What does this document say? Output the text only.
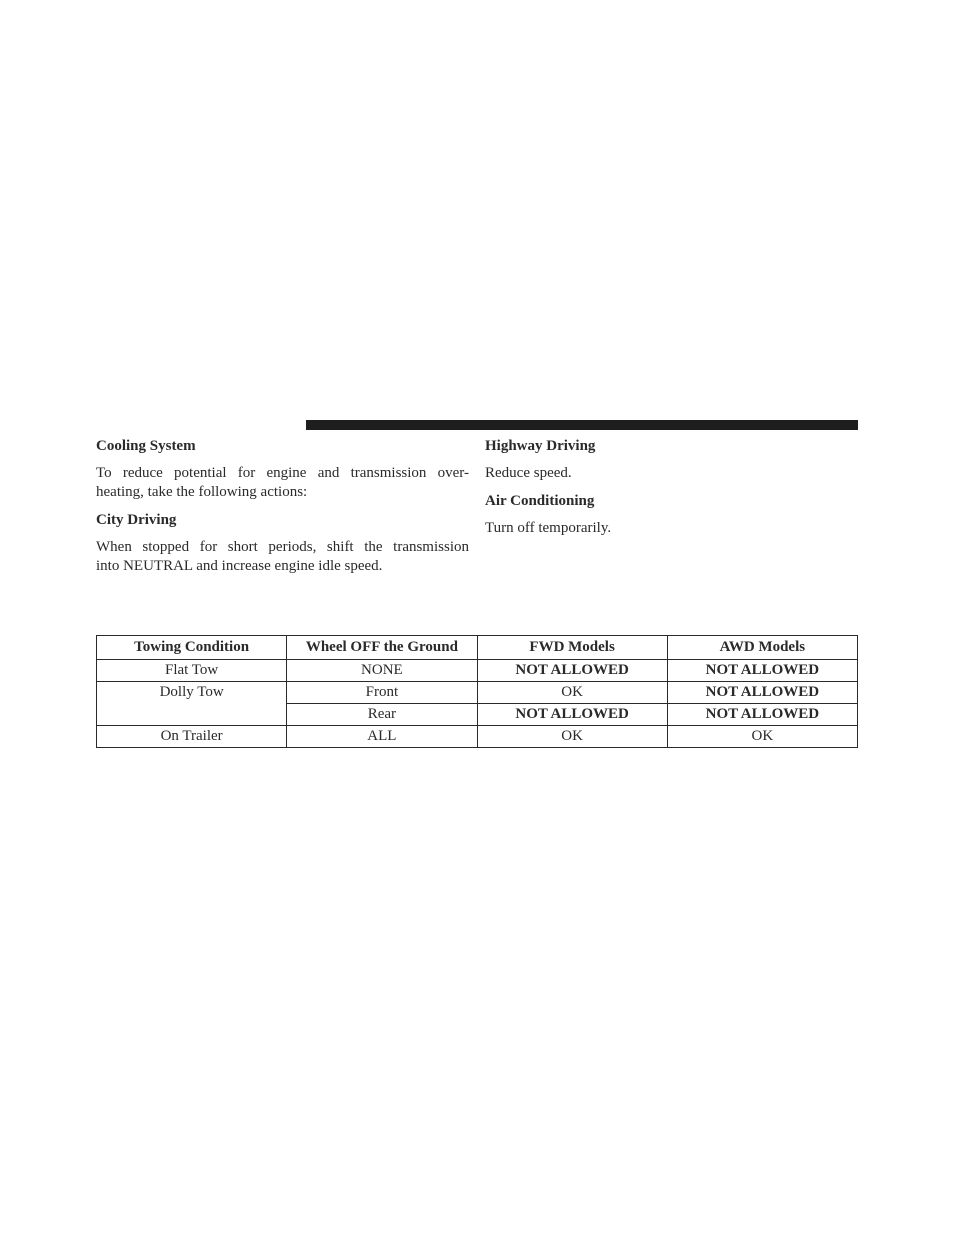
Cooling System

To reduce potential for engine and transmission over-
heating, take the following actions:

City Driving

When stopped for short periods, shift the transmission
into NEUTRAL and increase engine idle speed.

Highway Driving

Reduce speed.

Air Conditioning

Turn off temporarily.

Towing Condition	Wheel OFF the Ground	FWD Models	AWD Models
Flat Tow	NONE	NOT ALLOWED	NOT ALLOWED
Dolly Tow	Front	OK	NOT ALLOWED
	Rear	NOT ALLOWED	NOT ALLOWED
On Trailer	ALL	OK	OK
